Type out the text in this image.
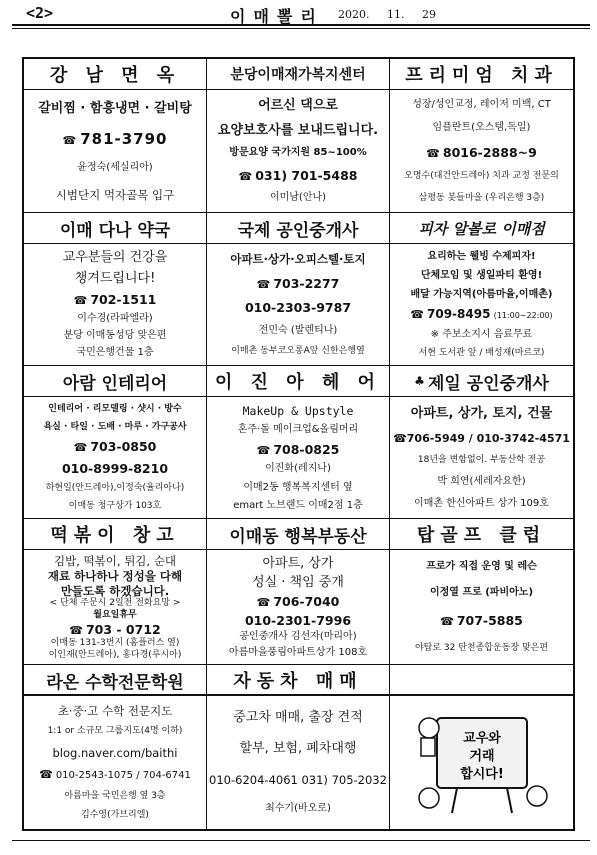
<2>	이매뽈리 2020. 11. 29
강 남 면 옥
갈비찜 · 함흥냉면 · 갈비탕
☎ 781-3790
윤정숙(세실리아)
시범단지 먹자골목 입구
분당이매재가복지센터
어르신 댁으로
요양보호사를 보내드립니다.
방문요양 국가지원 85~100%
☎ 031) 701-5488
이미남(안나)
프리미엄 치과
성장/성인교정, 레이저 미백, CT
임플란트(오스템,독일)
☎ 8016-2888~9
오명수(대건안드레아) 치과 교정 전문의
삼평동 봇들마을 (우리은행 3층)
이매 다나 약국
교우분들의 건강을
챙겨드립니다!
☎ 702-1511
이수경(라파엘라)
분당 이매동성당 맞은편
국민은행건물 1층
국제 공인중개사
아파트·상가·오피스텔·토지
☎ 703-2277
010-2303-9787
전민숙 (발렌티나)
이매촌 동부코오롱A앞 신한은행옆
피자 알볼로 이매점
요리하는 웰빙 수제피자!
단체모임 및 생일파티 환영!
배달 가능지역(아름마을,이매촌)
☎ 709-8495 (11:00~22:00)
※ 주보소지시 음료무료
서현 도서관 앞 / 배성재(마르코)
아람 인테리어
인테리어 · 리모델링 · 샷시 · 방수
욕실 · 타일 · 도배 · 마루 · 가구공사
☎ 703-0850
010-8999-8210
하현일(안드레아),이정숙(율리아나)
이매동 청구상가 103호
이 진 아 헤 어
MakeUp & Upstyle
혼주·돌 메이크업&올림머리
☎ 708-0825
이진화(레지나)
이매2동 행복복지센터 옆
emart 노브랜드 이매2점 1층
♣ 제일 공인중개사
아파트, 상가, 토지, 건물
☎706-5949 / 010-3742-4571
18년을 변함없이. 부동산학 전공
박 희연(세레자요한)
이매촌 한신아파트 상가 109호
떡볶이 창고
김밥, 떡볶이, 튀김, 순대
재료 하나하나 정성을 다해
만들도록 하겠습니다.
< 단체 주문시 2일전 전화요망 >
월요일휴무
☎ 703 - 0712
이매동 131-3번지 (홈플러스 옆)
이인재(안드레아), 홍다경(루시아)
이매동 행복부동산
아파트, 상가
성실 · 책임 중개
☎ 706-7040
010-2301-7996
공인중개사 김선자(마리아)
아름마을풍림아파트상가 108호
탑골프 클럽
프로가 직접 운영 및 레슨
이정열 프로 (파비아노)
☎ 707-5885
야탑로 32 탄천종합운동장 맞은편
라온 수학전문학원	자동차 매매
초·중·고 수학 전문지도
1:1 or 소규모 그룹지도(4명 이하)
blog.naver.com/baithi
☎ 010-2543-1075 / 704-6741
아름마을 국민은행 옆 3층
김수영(가브리엘)
중고차 매매, 출장 견적
할부, 보험, 폐차대행
010-6204-4061 031) 705-2032
최수기(바오로)
교우와
거래
합시다!
